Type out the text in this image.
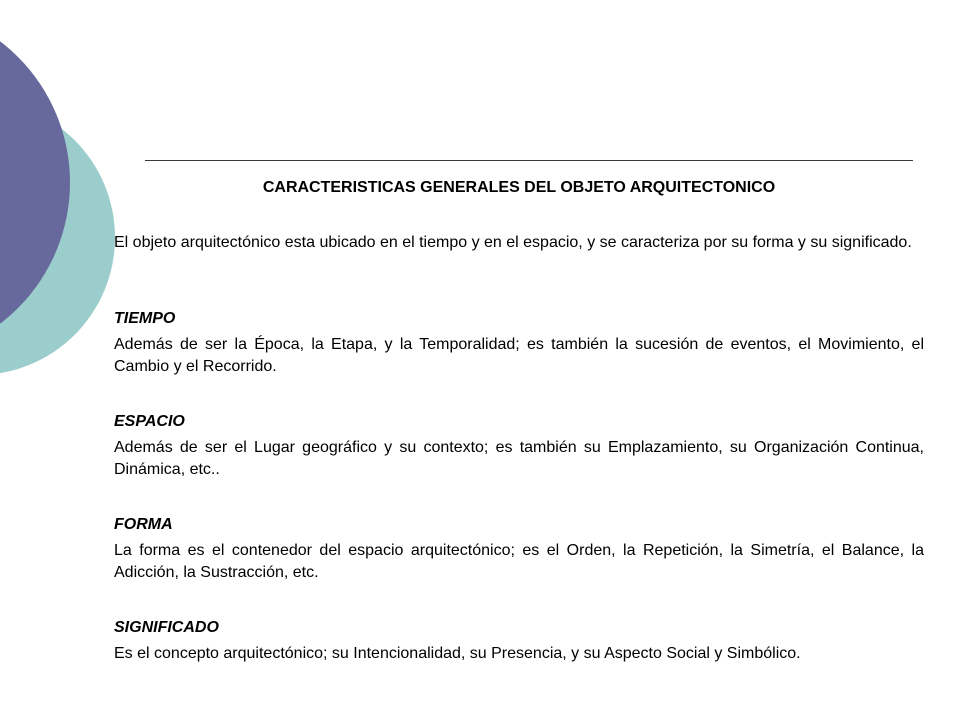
CARACTERISTICAS GENERALES DEL OBJETO ARQUITECTONICO
El objeto arquitectónico esta ubicado en el tiempo y en el espacio, y se caracteriza por su forma y su significado.
TIEMPO
Además de ser la Época, la Etapa, y la Temporalidad; es también la sucesión de eventos, el Movimiento, el Cambio y el Recorrido.
ESPACIO
Además de ser el Lugar geográfico y su contexto; es también su Emplazamiento, su Organización Continua, Dinámica, etc..
FORMA
La forma es el contenedor del espacio arquitectónico; es el Orden, la Repetición, la Simetría, el Balance, la Adicción, la Sustracción, etc.
SIGNIFICADO
Es el concepto arquitectónico; su Intencionalidad, su Presencia, y su Aspecto Social y Simbólico.
